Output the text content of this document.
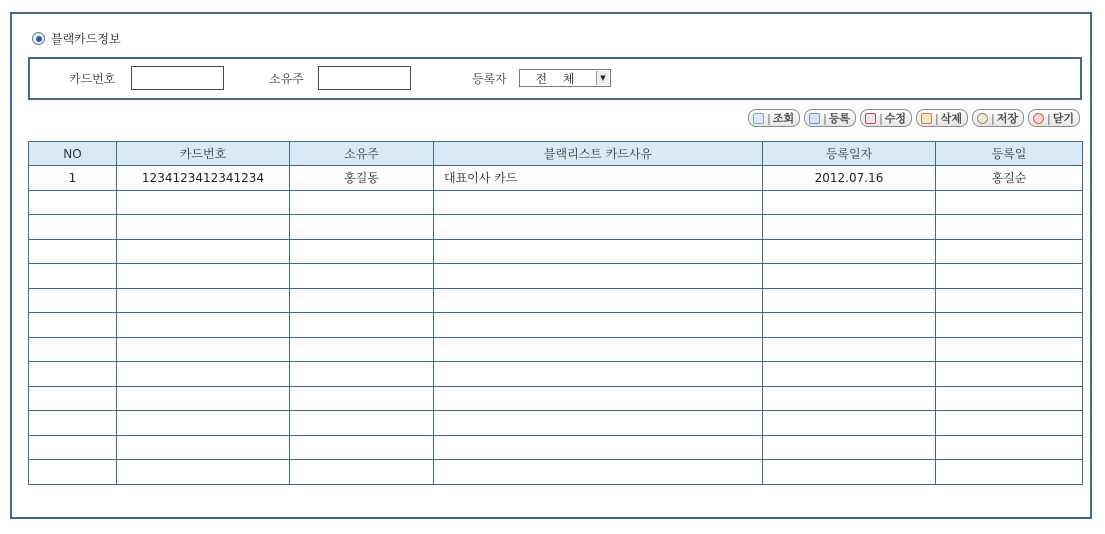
블랙카드정보
카드번호	소유주	등록자	전 체	▼
| 조회	| 등록	| 수정	| 삭제	| 저장	| 닫기
NO	카드번호	소유주	블랙리스트 카드사유	등록일자	등록일
1	1234123412341234	홍길동	대표이사 카드	2012.07.16	홍길순
